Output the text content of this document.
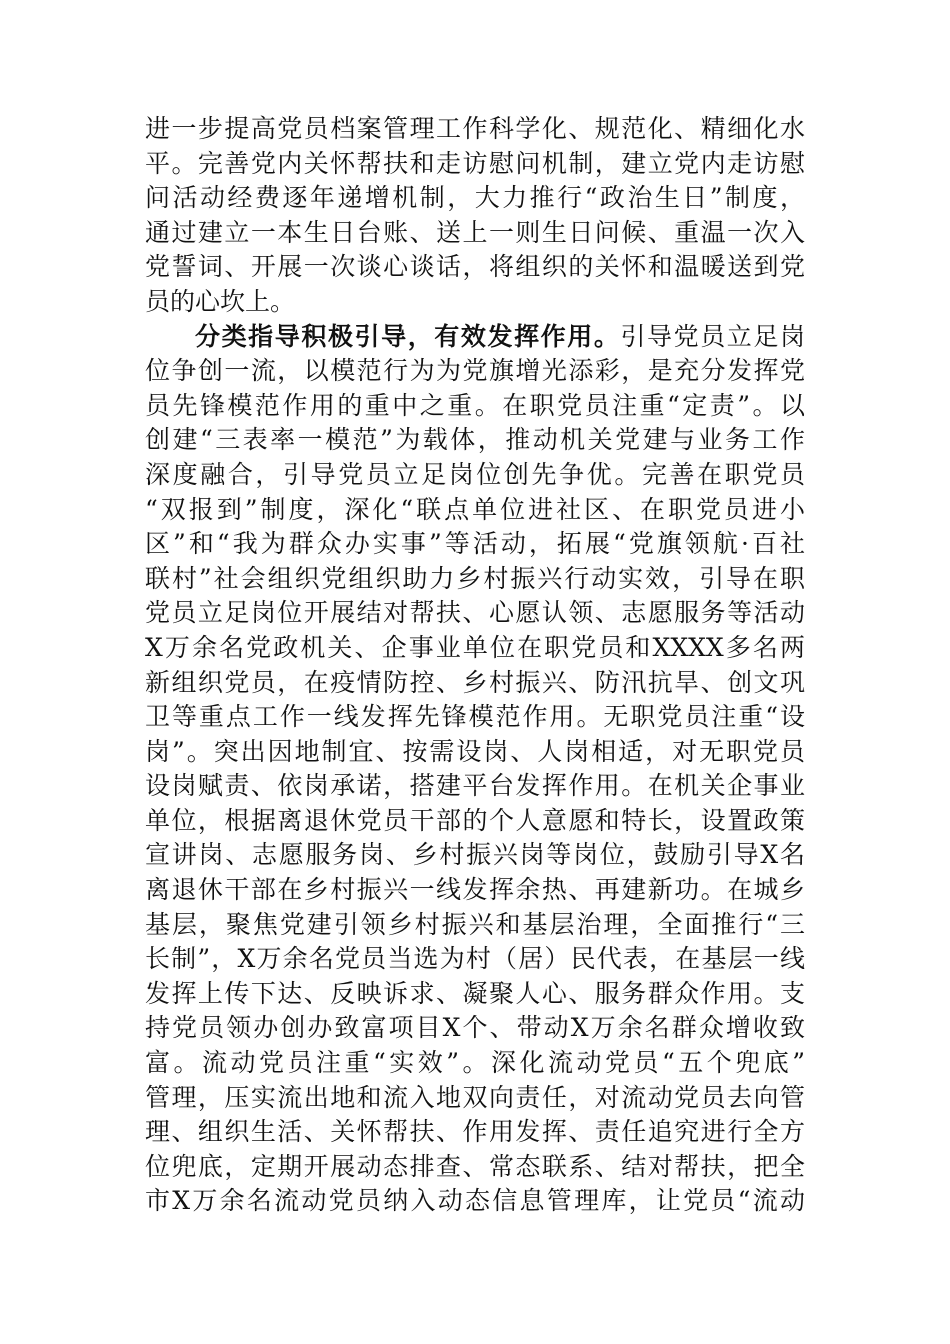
进一步提高党员档案管理工作科学化、规范化、精细化水
平。完善党内关怀帮扶和走访慰问机制，建立党内走访慰
问活动经费逐年递增机制，大力推行“政治生日”制度，
通过建立一本生日台账、送上一则生日问候、重温一次入
党誓词、开展一次谈心谈话，将组织的关怀和温暖送到党
员的心坎上。
分类指导积极引导，有效发挥作用。引导党员立足岗
位争创一流，以模范行为为党旗增光添彩，是充分发挥党
员先锋模范作用的重中之重。在职党员注重“定责”。以
创建“三表率一模范”为载体，推动机关党建与业务工作
深度融合，引导党员立足岗位创先争优。完善在职党员
“双报到”制度，深化“联点单位进社区、在职党员进小
区”和“我为群众办实事”等活动，拓展“党旗领航·百社
联村”社会组织党组织助力乡村振兴行动实效，引导在职
党员立足岗位开展结对帮扶、心愿认领、志愿服务等活动
X万余名党政机关、企事业单位在职党员和XXXX多名两
新组织党员，在疫情防控、乡村振兴、防汛抗旱、创文巩
卫等重点工作一线发挥先锋模范作用。无职党员注重“设
岗”。突出因地制宜、按需设岗、人岗相适，对无职党员
设岗赋责、依岗承诺，搭建平台发挥作用。在机关企事业
单位，根据离退休党员干部的个人意愿和特长，设置政策
宣讲岗、志愿服务岗、乡村振兴岗等岗位，鼓励引导X名
离退休干部在乡村振兴一线发挥余热、再建新功。在城乡
基层，聚焦党建引领乡村振兴和基层治理，全面推行“三
长制”，X万余名党员当选为村（居）民代表，在基层一线
发挥上传下达、反映诉求、凝聚人心、服务群众作用。支
持党员领办创办致富项目X个、带动X万余名群众增收致
富。流动党员注重“实效”。深化流动党员“五个兜底”
管理，压实流出地和流入地双向责任，对流动党员去向管
理、组织生活、关怀帮扶、作用发挥、责任追究进行全方
位兜底，定期开展动态排查、常态联系、结对帮扶，把全
市X万余名流动党员纳入动态信息管理库，让党员“流动
